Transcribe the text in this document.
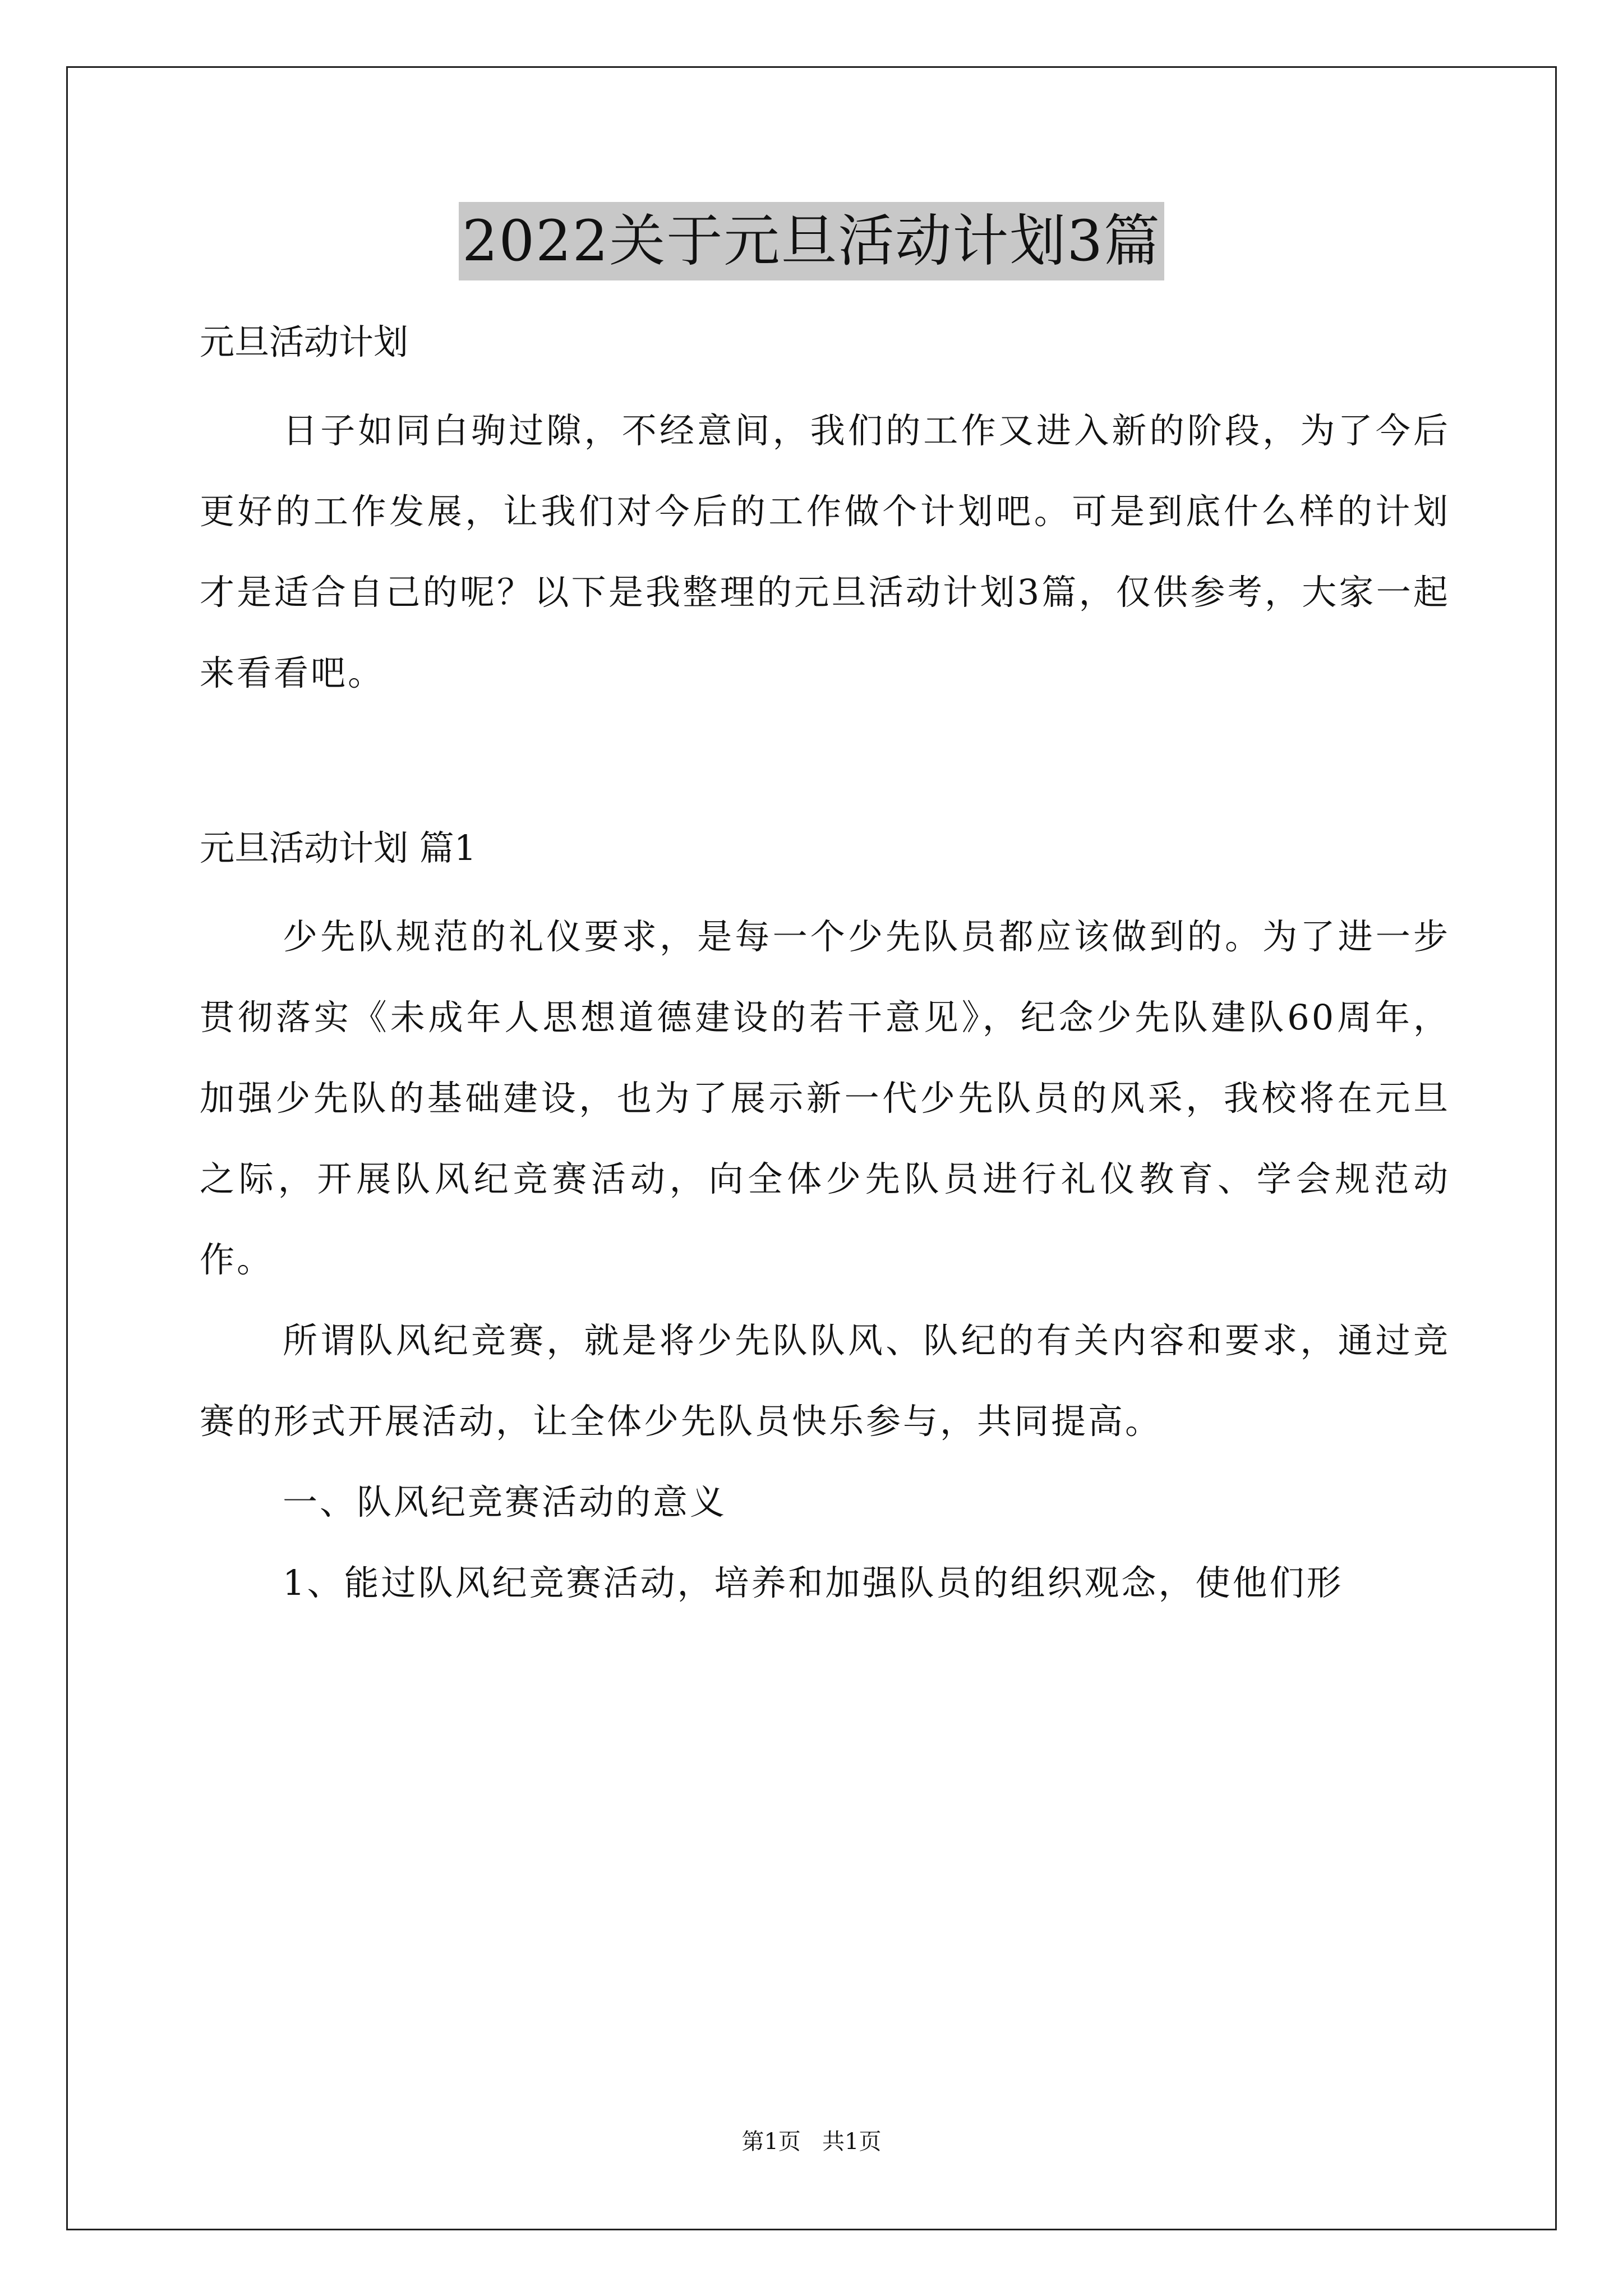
2022关于元旦活动计划3篇

元旦活动计划

日子如同白驹过隙，不经意间，我们的工作又进入新的阶段，为了今后更好的工作发展，让我们对今后的工作做个计划吧。可是到底什么样的计划才是适合自己的呢？以下是我整理的元旦活动计划3篇，仅供参考，大家一起来看看吧。

元旦活动计划 篇1

少先队规范的礼仪要求，是每一个少先队员都应该做到的。为了进一步贯彻落实《未成年人思想道德建设的若干意见》，纪念少先队建队60周年，加强少先队的基础建设，也为了展示新一代少先队员的风采，我校将在元旦之际，开展队风纪竞赛活动，向全体少先队员进行礼仪教育、学会规范动作。

所谓队风纪竞赛，就是将少先队队风、队纪的有关内容和要求，通过竞赛的形式开展活动，让全体少先队员快乐参与，共同提高。

一、队风纪竞赛活动的意义

1、能过队风纪竞赛活动，培养和加强队员的组织观念，使他们形

第1页   共1页
